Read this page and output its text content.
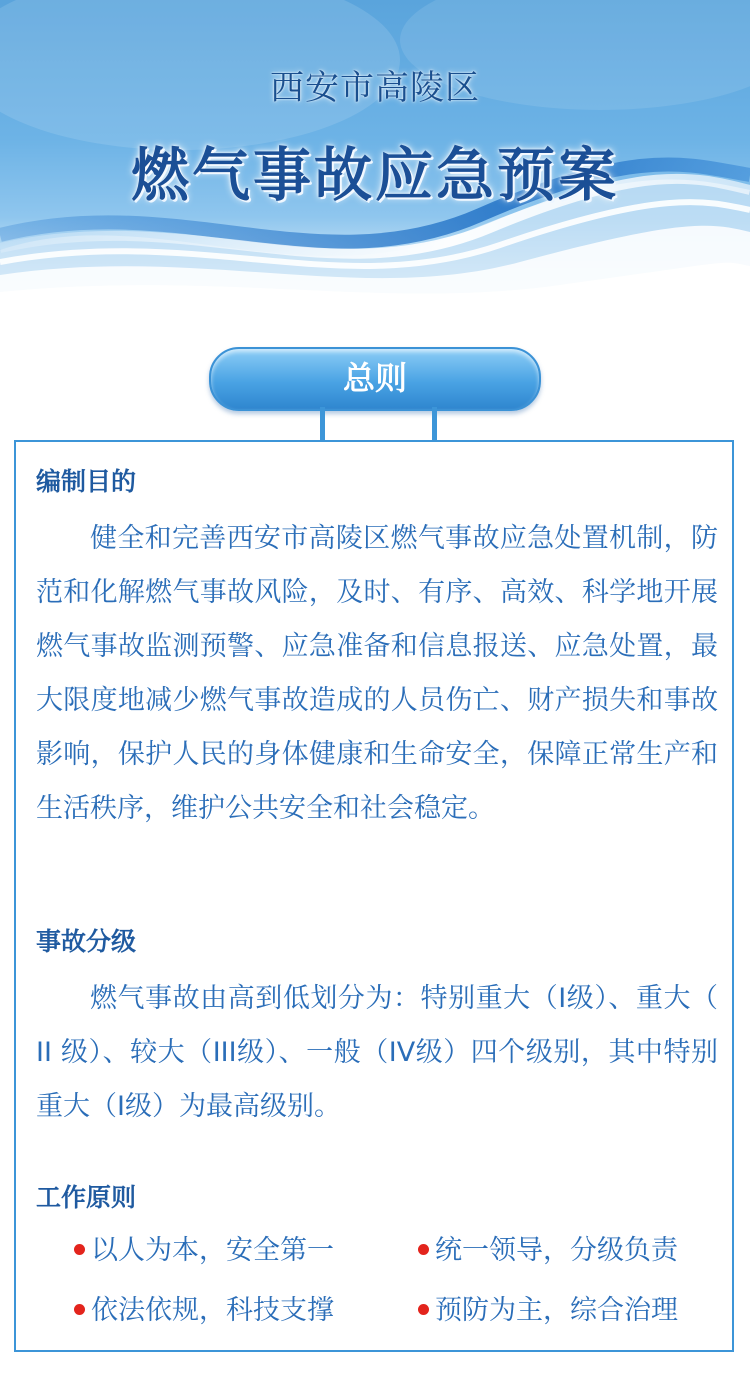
西安市高陵区
燃气事故应急预案
总则
编制目的

健全和完善西安市高陵区燃气事故应急处置机制，防范和化解燃气事故风险，及时、有序、高效、科学地开展燃气事故监测预警、应急准备和信息报送、应急处置，最大限度地减少燃气事故造成的人员伤亡、财产损失和事故影响，保护人民的身体健康和生命安全，保障正常生产和生活秩序，维护公共安全和社会稳定。

事故分级

燃气事故由高到低划分为：特别重大（I级）、重大（ II 级）、较大（III级）、一般（IV级）四个级别，其中特别重大（I级）为最高级别。

工作原则
以人为本，安全第一	统一领导，分级负责
依法依规，科技支撑	预防为主，综合治理
